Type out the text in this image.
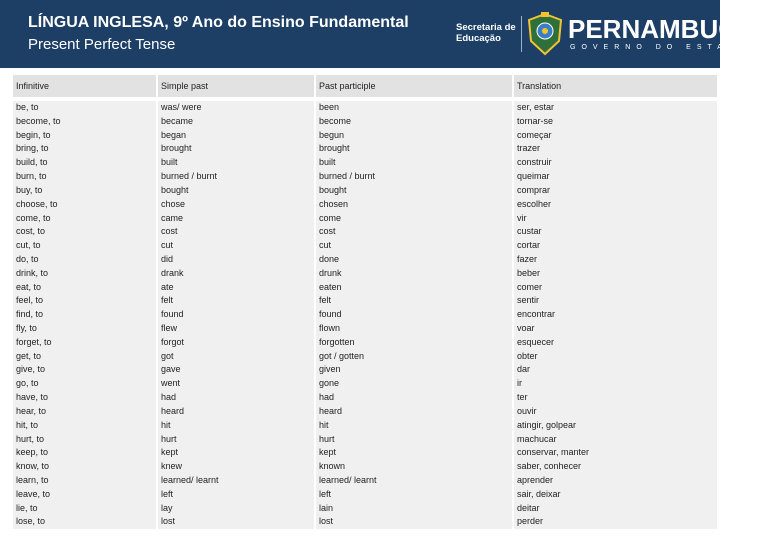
LÍNGUA INGLESA, 9º Ano do Ensino Fundamental
Present Perfect Tense
Secretaria de
Educação	PERNAMBUCO
GOVERNO DO ESTADO
Infinitive	Simple past	Past participle	Translation
be, to	was/ were	been	ser, estar
become, to	became	become	tornar-se
begin, to	began	begun	começar
bring, to	brought	brought	trazer
build, to	built	built	construir
burn, to	burned / burnt	burned / burnt	queimar
buy, to	bought	bought	comprar
choose, to	chose	chosen	escolher
come, to	came	come	vir
cost, to	cost	cost	custar
cut, to	cut	cut	cortar
do, to	did	done	fazer
drink, to	drank	drunk	beber
eat, to	ate	eaten	comer
feel, to	felt	felt	sentir
find, to	found	found	encontrar
fly, to	flew	flown	voar
forget, to	forgot	forgotten	esquecer
get, to	got	got / gotten	obter
give, to	gave	given	dar
go, to	went	gone	ir
have, to	had	had	ter
hear, to	heard	heard	ouvir
hit, to	hit	hit	atingir, golpear
hurt, to	hurt	hurt	machucar
keep, to	kept	kept	conservar, manter
know, to	knew	known	saber, conhecer
learn, to	learned/ learnt	learned/ learnt	aprender
leave, to	left	left	sair, deixar
lie, to	lay	lain	deitar
lose, to	lost	lost	perder
